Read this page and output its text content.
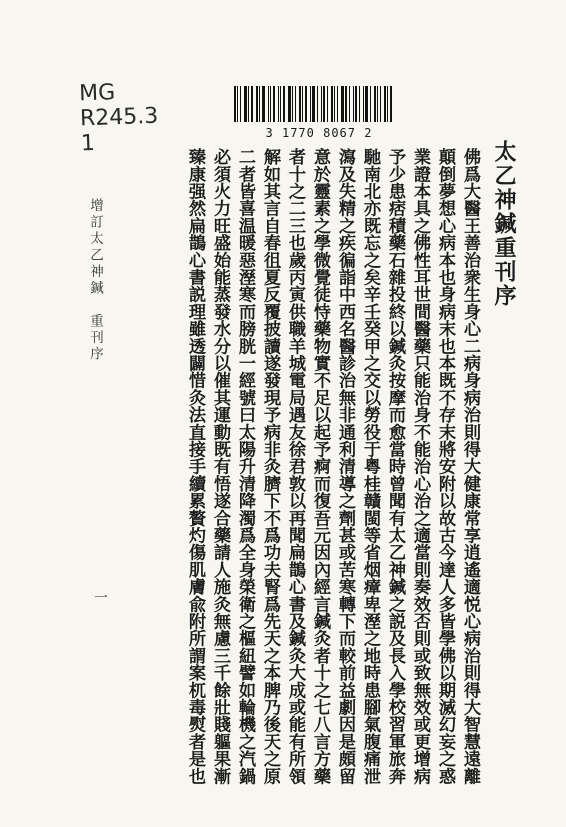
MG
R245.3
1	3 1770 8067 2
太乙神鍼重刊序
佛爲大醫王善治衆生身心二病身病治則得大健康常享逍遙適悦心病治則得大智慧遠離
顛倒夢想心病本也身病末也本既不存末將安附以故古今達人多皆學佛以期滅幻妄之惑
業證本具之佛性耳世間醫藥只能治身不能治心治之適當則奏效否則或致無效或更增病
予少患痞積藥石雜投終以鍼灸按摩而愈當時曾聞有太乙神鍼之説及長入學校習軍旅奔
馳南北亦既忘之矣辛壬癸甲之交以勞役于粤桂贛閩等省烟瘴卑溼之地時患腳氣腹痛泄
瀉及失精之疾徧詣中西名醫診治無非通利清導之劑甚或苦寒轉下而較前益劇因是頗留
意於靈素之學微覺徒恃藥物實不足以起予痾而復吾元因內經言鍼灸者十之七八言方藥
者十之二三也歲丙寅供職羊城電局遇友徐君敦以再聞扁鵲心書及鍼灸大成或能有所領
解如其言自春徂夏反覆披讀遂發現予病非灸臍下不爲功夫腎爲先天之本脾乃後天之原
二者皆喜温暖惡溼寒而膀胱一經號曰太陽升清降濁爲全身榮衛之樞紐譬如輪機之汽鍋
必須火力旺盛始能蒸發水分以催其運動既有悟遂合藥請人施灸無慮三千餘壯賤軀果漸
臻康强然扁鵲心書説理雖透闢惜灸法直接手續累贅灼傷肌膚兪附所謂案杌毒熨者是也
增訂太乙神鍼　重刊序
一
